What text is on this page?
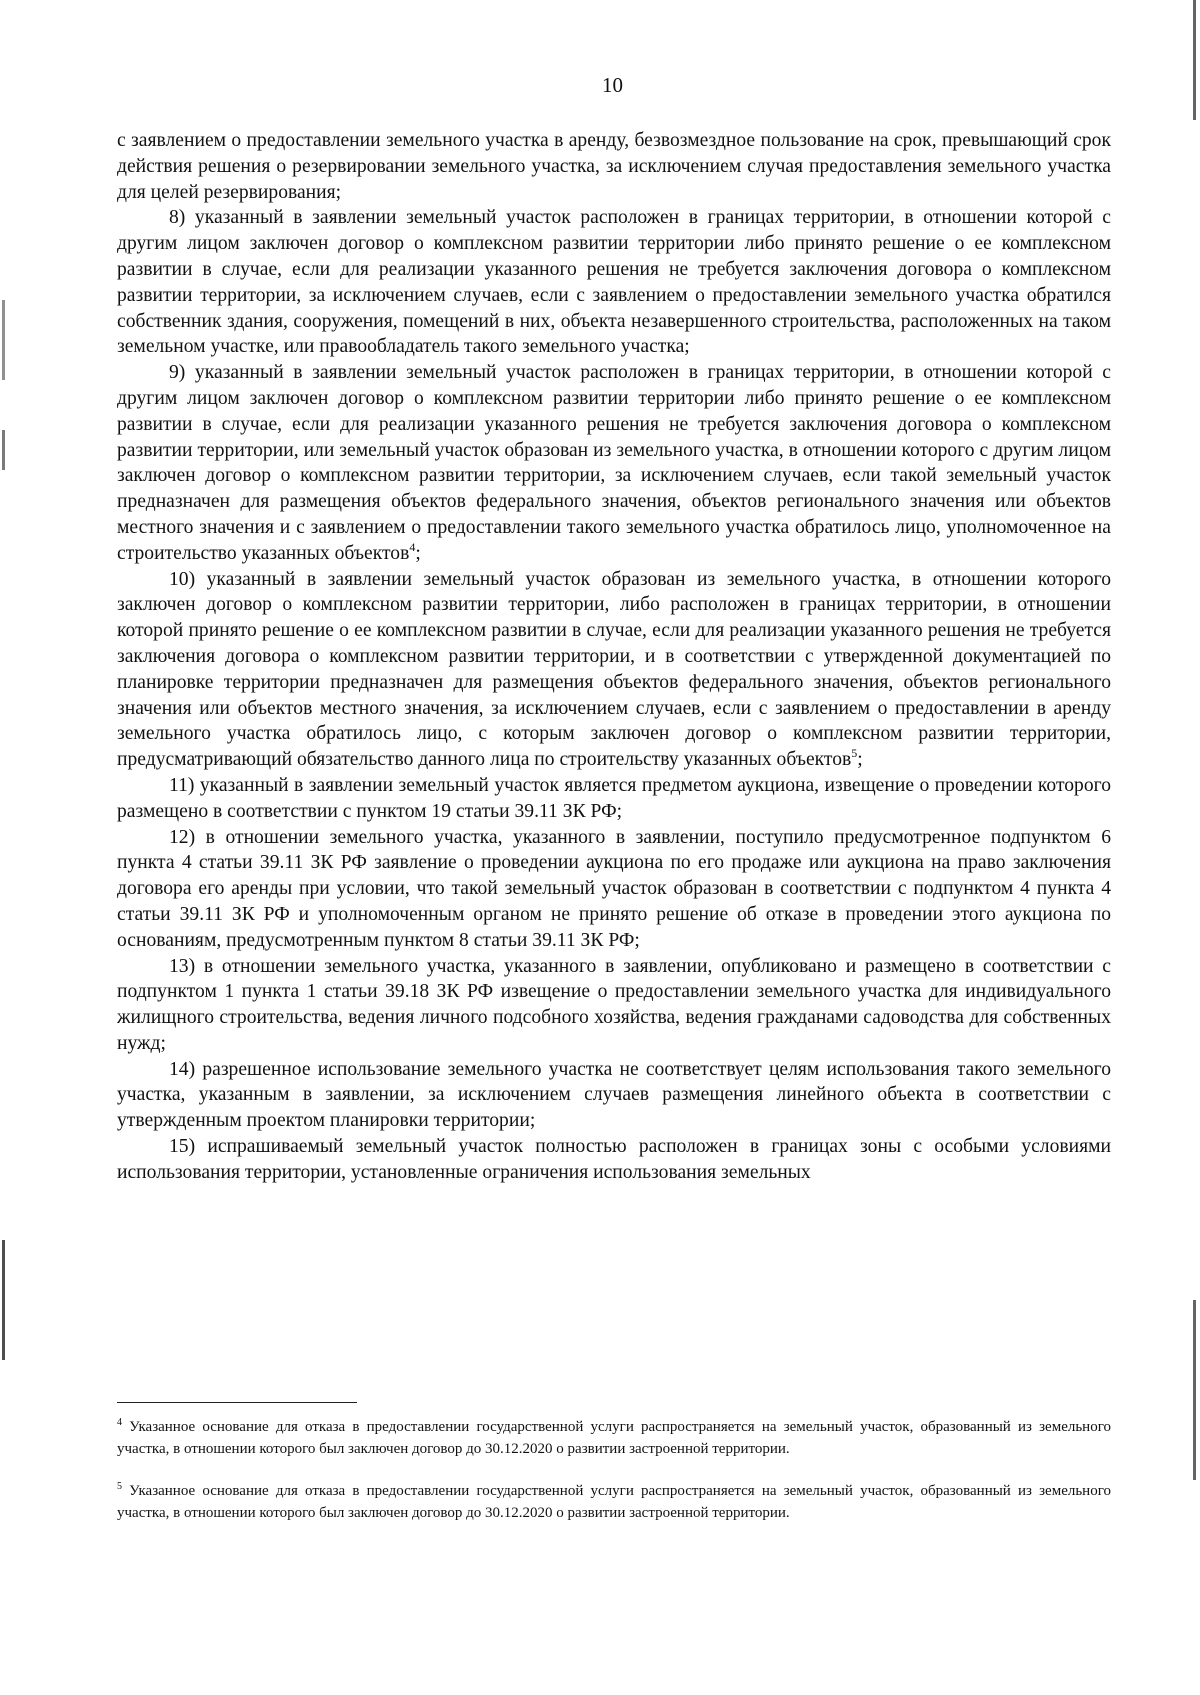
10

с заявлением о предоставлении земельного участка в аренду, безвозмездное пользование на срок, превышающий срок действия решения о резервировании земельного участка, за исключением случая предоставления земельного участка для целей резервирования;

8) указанный в заявлении земельный участок расположен в границах территории, в отношении которой с другим лицом заключен договор о комплексном развитии территории либо принято решение о ее комплексном развитии в случае, если для реализации указанного решения не требуется заключения договора о комплексном развитии территории, за исключением случаев, если с заявлением о предоставлении земельного участка обратился собственник здания, сооружения, помещений в них, объекта незавершенного строительства, расположенных на таком земельном участке, или правообладатель такого земельного участка;

9) указанный в заявлении земельный участок расположен в границах территории, в отношении которой с другим лицом заключен договор о комплексном развитии территории либо принято решение о ее комплексном развитии в случае, если для реализации указанного решения не требуется заключения договора о комплексном развитии территории, или земельный участок образован из земельного участка, в отношении которого с другим лицом заключен договор о комплексном развитии территории, за исключением случаев, если такой земельный участок предназначен для размещения объектов федерального значения, объектов регионального значения или объектов местного значения и с заявлением о предоставлении такого земельного участка обратилось лицо, уполномоченное на строительство указанных объектов$^4$;

10) указанный в заявлении земельный участок образован из земельного участка, в отношении которого заключен договор о комплексном развитии территории, либо расположен в границах территории, в отношении которой принято решение о ее комплексном развитии в случае, если для реализации указанного решения не требуется заключения договора о комплексном развитии территории, и в соответствии с утвержденной документацией по планировке территории предназначен для размещения объектов федерального значения, объектов регионального значения или объектов местного значения, за исключением случаев, если с заявлением о предоставлении в аренду земельного участка обратилось лицо, с которым заключен договор о комплексном развитии территории, предусматривающий обязательство данного лица по строительству указанных объектов$^5$;

11) указанный в заявлении земельный участок является предметом аукциона, извещение о проведении которого размещено в соответствии с пунктом 19 статьи 39.11 ЗК РФ;

12) в отношении земельного участка, указанного в заявлении, поступило предусмотренное подпунктом 6 пункта 4 статьи 39.11 ЗК РФ заявление о проведении аукциона по его продаже или аукциона на право заключения договора его аренды при условии, что такой земельный участок образован в соответствии с подпунктом 4 пункта 4 статьи 39.11 ЗК РФ и уполномоченным органом не принято решение об отказе в проведении этого аукциона по основаниям, предусмотренным пунктом 8 статьи 39.11 ЗК РФ;

13) в отношении земельного участка, указанного в заявлении, опубликовано и размещено в соответствии с подпунктом 1 пункта 1 статьи 39.18 ЗК РФ извещение о предоставлении земельного участка для индивидуального жилищного строительства, ведения личного подсобного хозяйства, ведения гражданами садоводства для собственных нужд;

14) разрешенное использование земельного участка не соответствует целям использования такого земельного участка, указанным в заявлении, за исключением случаев размещения линейного объекта в соответствии с утвержденным проектом планировки территории;

15) испрашиваемый земельный участок полностью расположен в границах зоны с особыми условиями использования территории, установленные ограничения использования земельных

$^4$ Указанное основание для отказа в предоставлении государственной услуги распространяется на земельный участок, образованный из земельного участка, в отношении которого был заключен договор до 30.12.2020 о развитии застроенной территории.

$^5$ Указанное основание для отказа в предоставлении государственной услуги распространяется на земельный участок, образованный из земельного участка, в отношении которого был заключен договор до 30.12.2020 о развитии застроенной территории.
